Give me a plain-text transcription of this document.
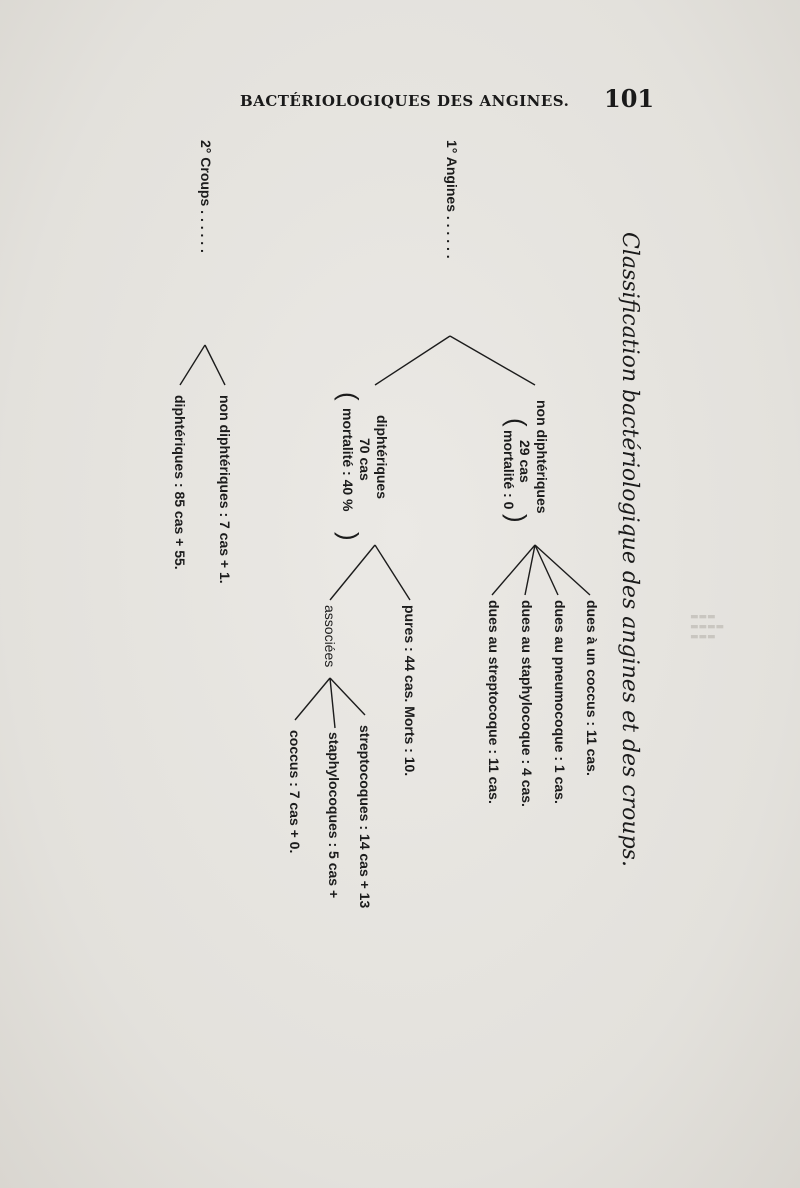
BACTÉRIOLOGIQUES DES ANGINES. 101
▬▬▬
▬▬▬▬
▬▬▬
Classification bactériologique des angines et des croups.
1° Angines . . . . . .
non diphtériques
(
29 cas
mortalité : 0
)
dues à un coccus : 11 cas.
dues au pneumocoque : 1 cas.
dues au staphylocoque : 4 cas.
dues au streptocoque : 11 cas.
diphtériques
(
70 cas
mortalité : 40 %
)
pures : 44 cas. Morts : 10.
associées
streptocoques : 14 cas + 13
staphylocoques : 5 cas +
coccus : 7 cas + 0.
2° Croups . . . . . .
non diphtériques : 7 cas + 1.
diphtériques : 85 cas + 55.
